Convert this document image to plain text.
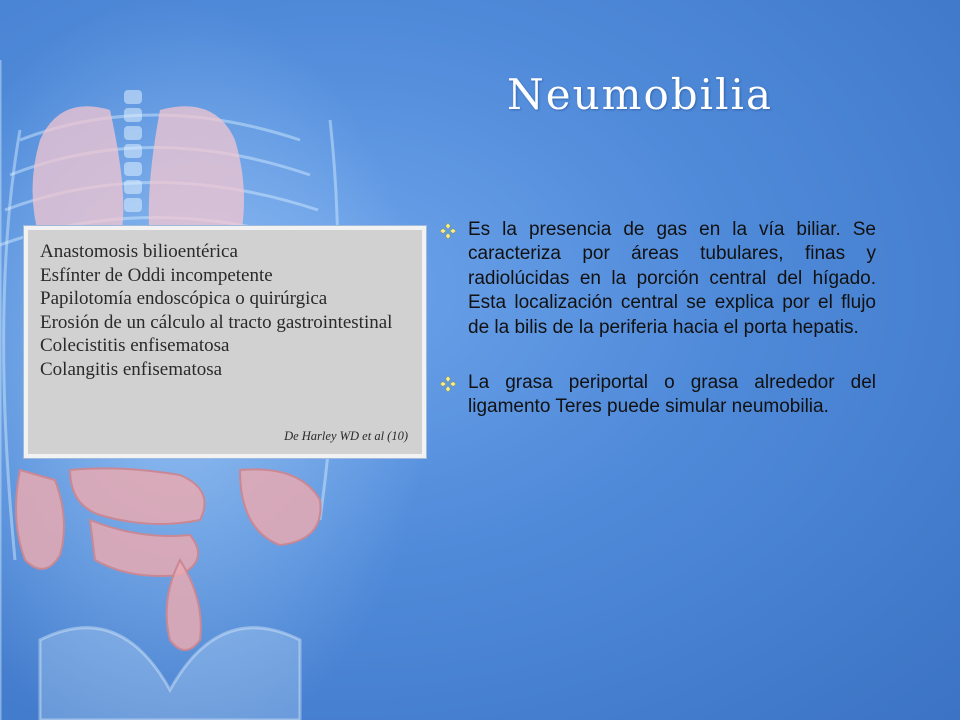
Neumobilia
Anastomosis bilioentérica
Esfínter de Oddi incompetente
Papilotomía endoscópica o quirúrgica
Erosión de un cálculo al tracto gastrointestinal
Colecistitis enfisematosa
Colangitis enfisematosa
De Harley WD et al (10)
Es la presencia de gas en la vía biliar. Se caracteriza por áreas tubulares, finas y radiolúcidas en la porción central del hígado. Esta localización central se explica por el flujo de la bilis de la periferia hacia el porta hepatis.
La grasa periportal o grasa alrededor del ligamento Teres puede simular neumobilia.
